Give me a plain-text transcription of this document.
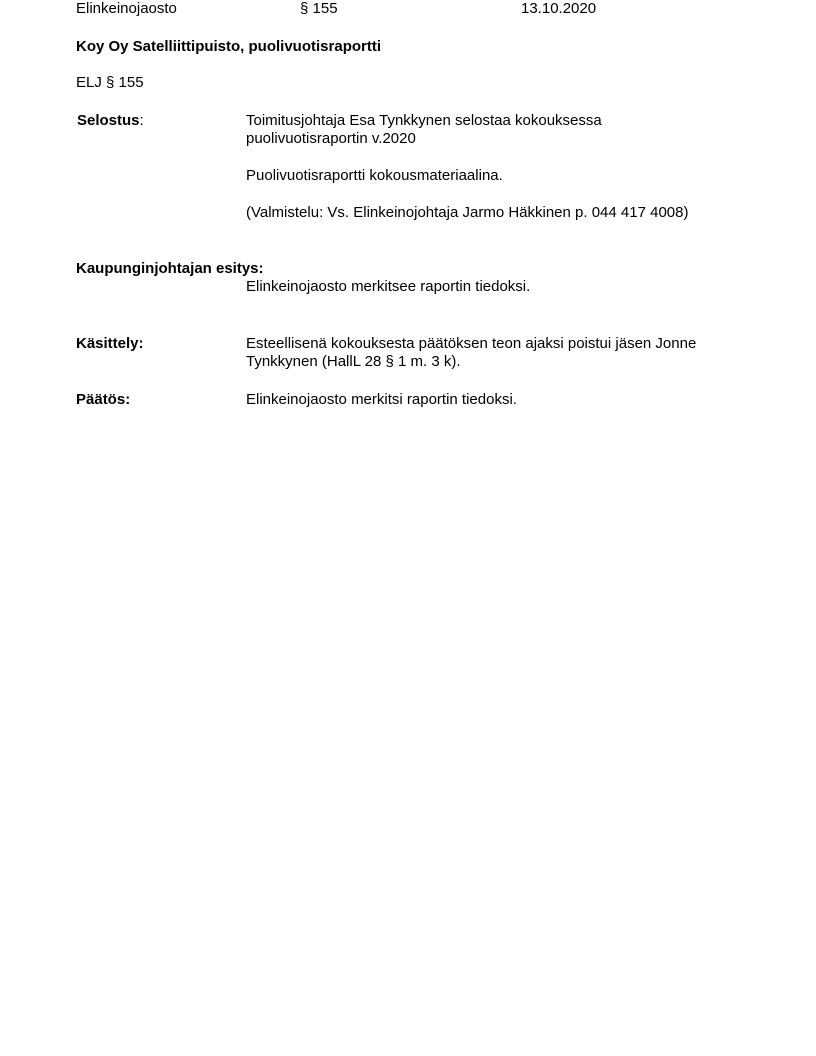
Elinkeinojaosto	§ 155	13.10.2020
Koy Oy Satelliittipuisto, puolivuotisraportti
ELJ § 155
Selostus:	Toimitusjohtaja Esa Tynkkynen selostaa kokouksessa
puolivuotisraportin v.2020
Puolivuotisraportti kokousmateriaalina.
(Valmistelu: Vs. Elinkeinojohtaja Jarmo Häkkinen p. 044 417 4008)
Kaupunginjohtajan esitys:
Elinkeinojaosto merkitsee raportin tiedoksi.
Käsittely:	Esteellisenä kokouksesta päätöksen teon ajaksi poistui jäsen Jonne
Tynkkynen (HallL 28 § 1 m. 3 k).
Päätös:	Elinkeinojaosto merkitsi raportin tiedoksi.
